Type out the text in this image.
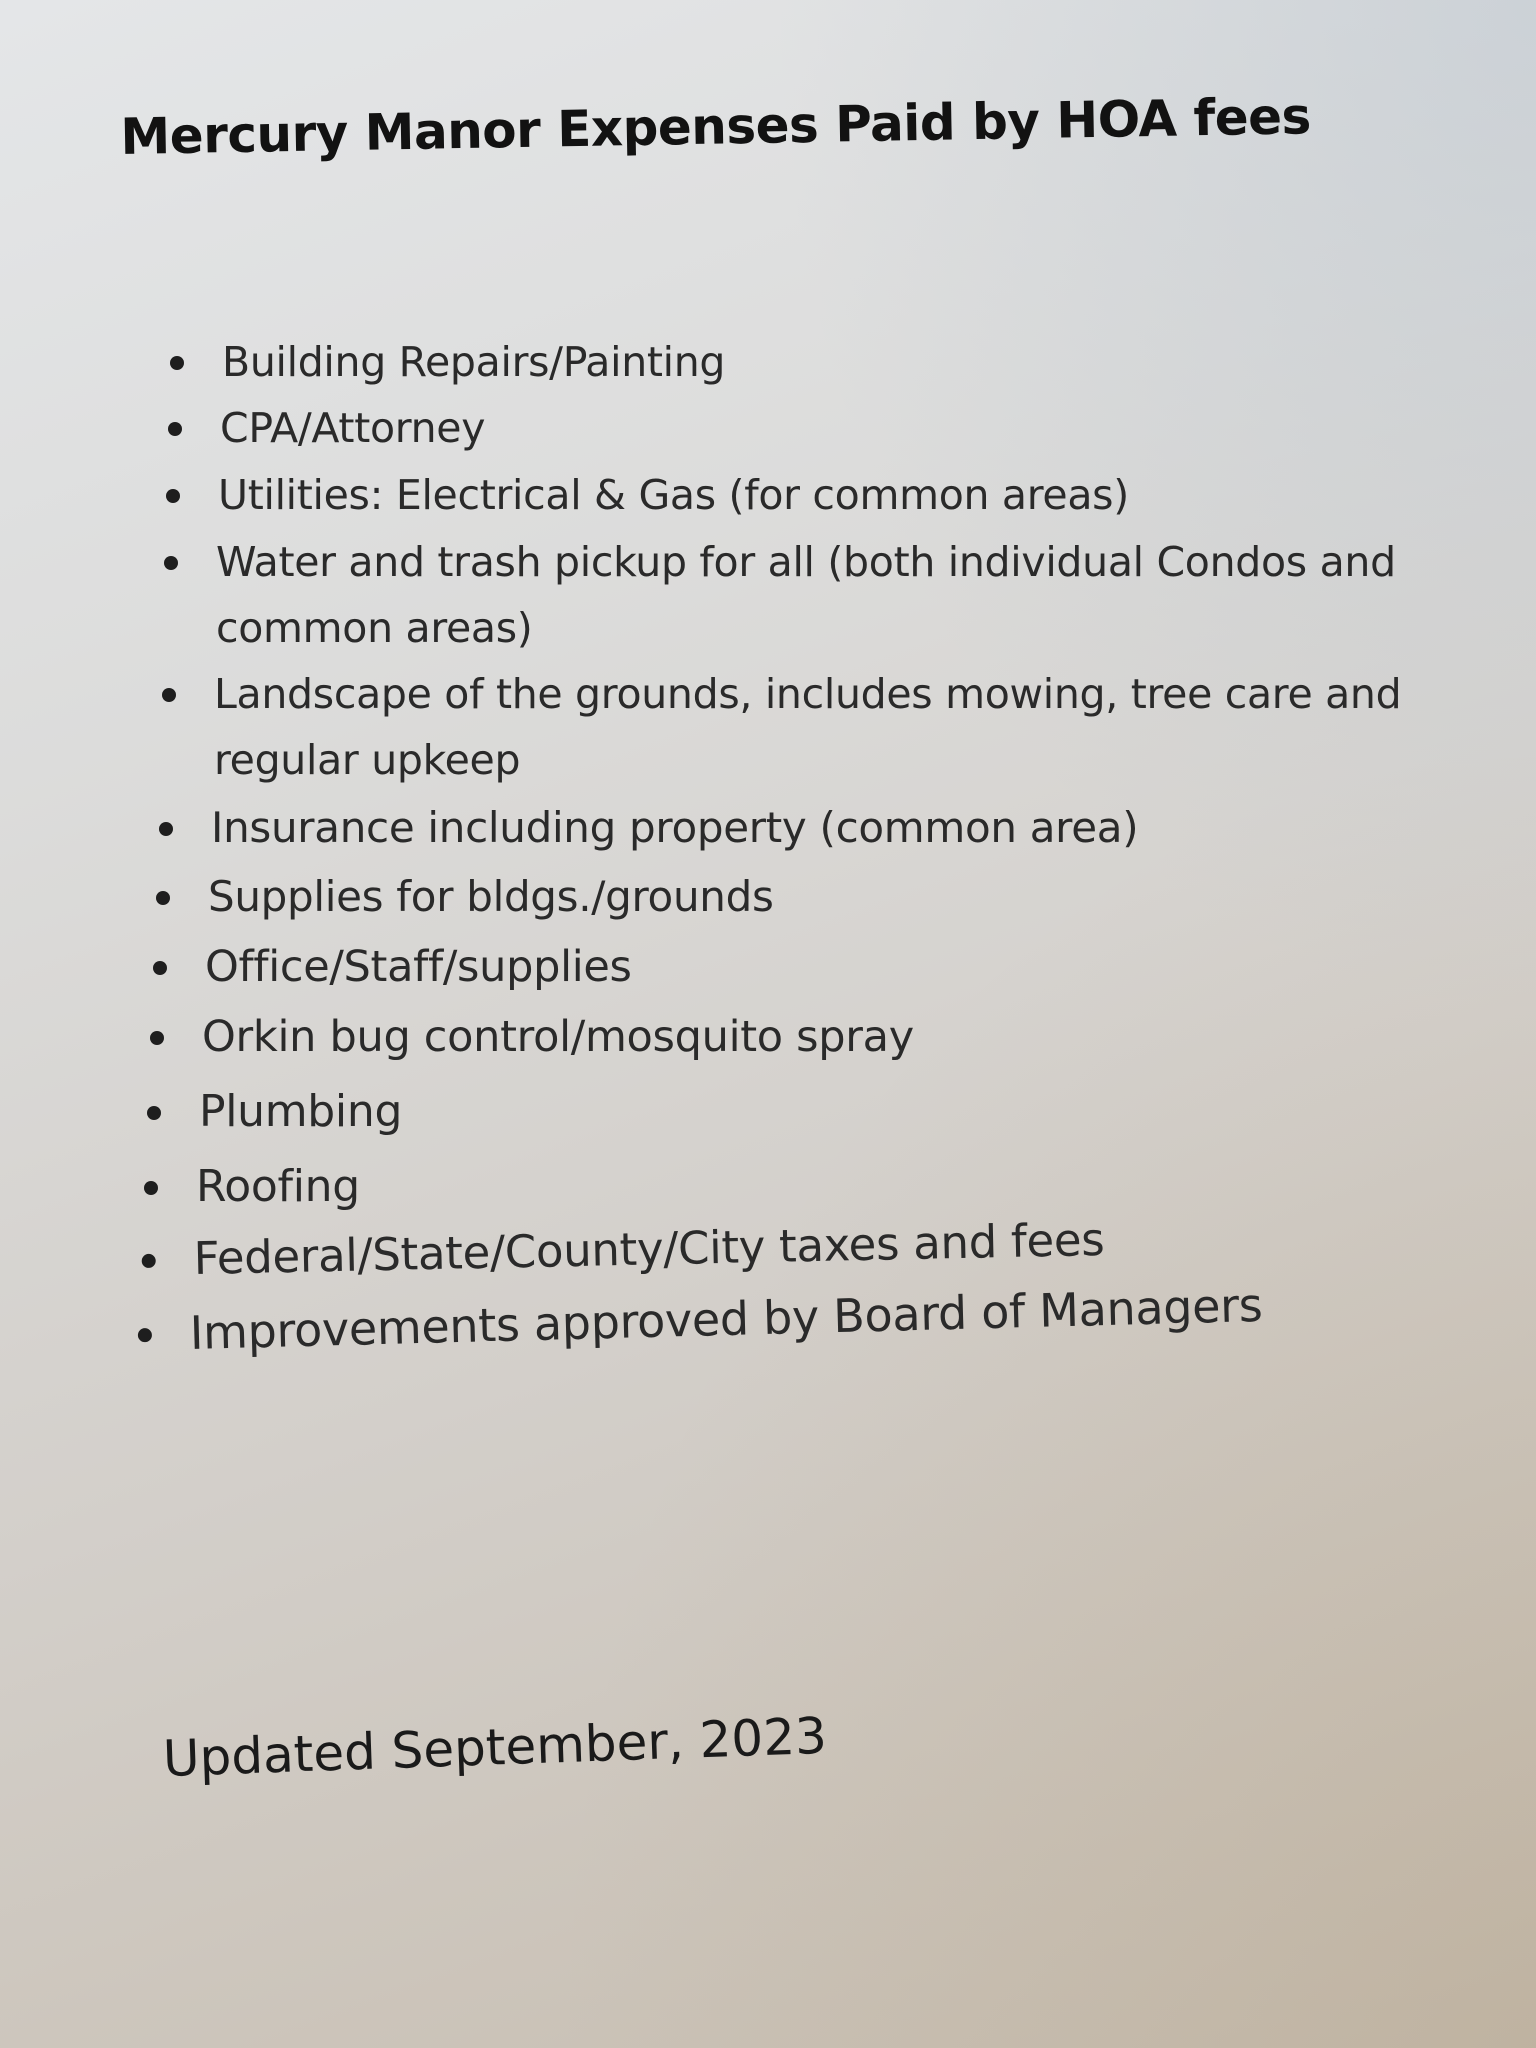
Mercury Manor Expenses Paid by HOA fees
Building Repairs/Painting
CPA/Attorney
Utilities: Electrical & Gas (for common areas)
Water and trash pickup for all (both individual Condos and
common areas)
Landscape of the grounds, includes mowing, tree care and
regular upkeep
Insurance including property (common area)
Supplies for bldgs./grounds
Office/Staff/supplies
Orkin bug control/mosquito spray
Plumbing
Roofing
Federal/State/County/City taxes and fees
Improvements approved by Board of Managers
Updated September, 2023
